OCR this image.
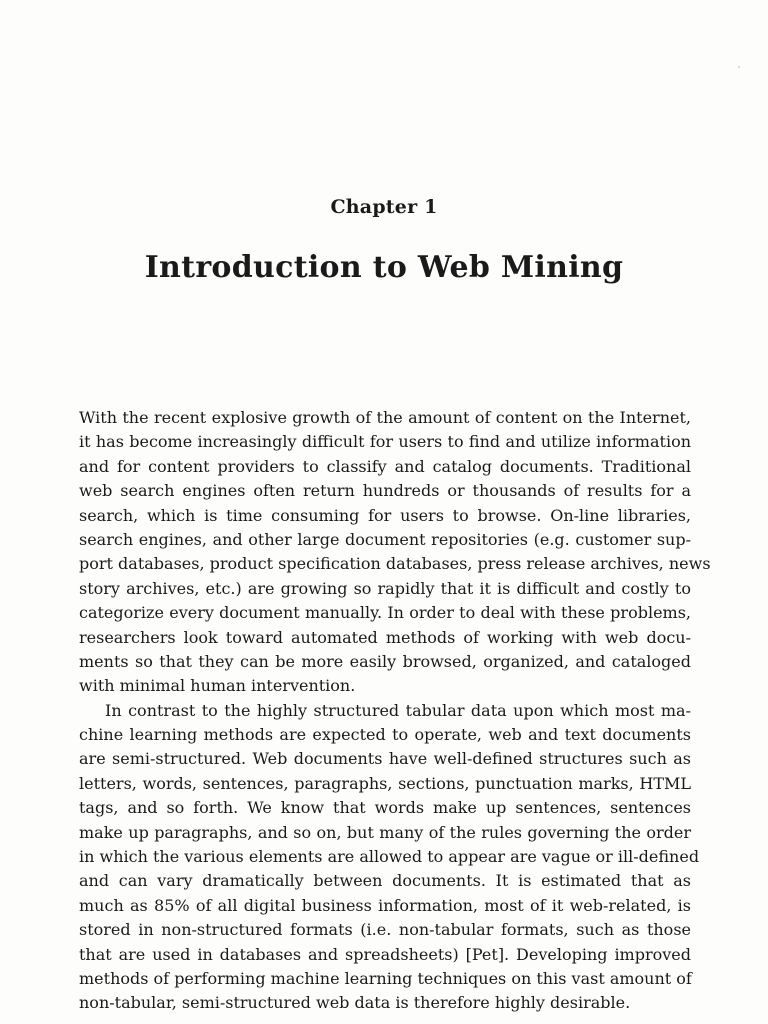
Chapter 1
Introduction to Web Mining

With the recent explosive growth of the amount of content on the Internet,
it has become increasingly difficult for users to find and utilize information
and for content providers to classify and catalog documents. Traditional
web search engines often return hundreds or thousands of results for a
search, which is time consuming for users to browse. On-line libraries,
search engines, and other large document repositories (e.g. customer sup-
port databases, product specification databases, press release archives, news
story archives, etc.) are growing so rapidly that it is difficult and costly to
categorize every document manually. In order to deal with these problems,
researchers look toward automated methods of working with web docu-
ments so that they can be more easily browsed, organized, and cataloged
with minimal human intervention.

In contrast to the highly structured tabular data upon which most ma-
chine learning methods are expected to operate, web and text documents
are semi-structured. Web documents have well-defined structures such as
letters, words, sentences, paragraphs, sections, punctuation marks, HTML
tags, and so forth. We know that words make up sentences, sentences
make up paragraphs, and so on, but many of the rules governing the order
in which the various elements are allowed to appear are vague or ill-defined
and can vary dramatically between documents. It is estimated that as
much as 85% of all digital business information, most of it web-related, is
stored in non-structured formats (i.e. non-tabular formats, such as those
that are used in databases and spreadsheets) [Pet]. Developing improved
methods of performing machine learning techniques on this vast amount of
non-tabular, semi-structured web data is therefore highly desirable.
